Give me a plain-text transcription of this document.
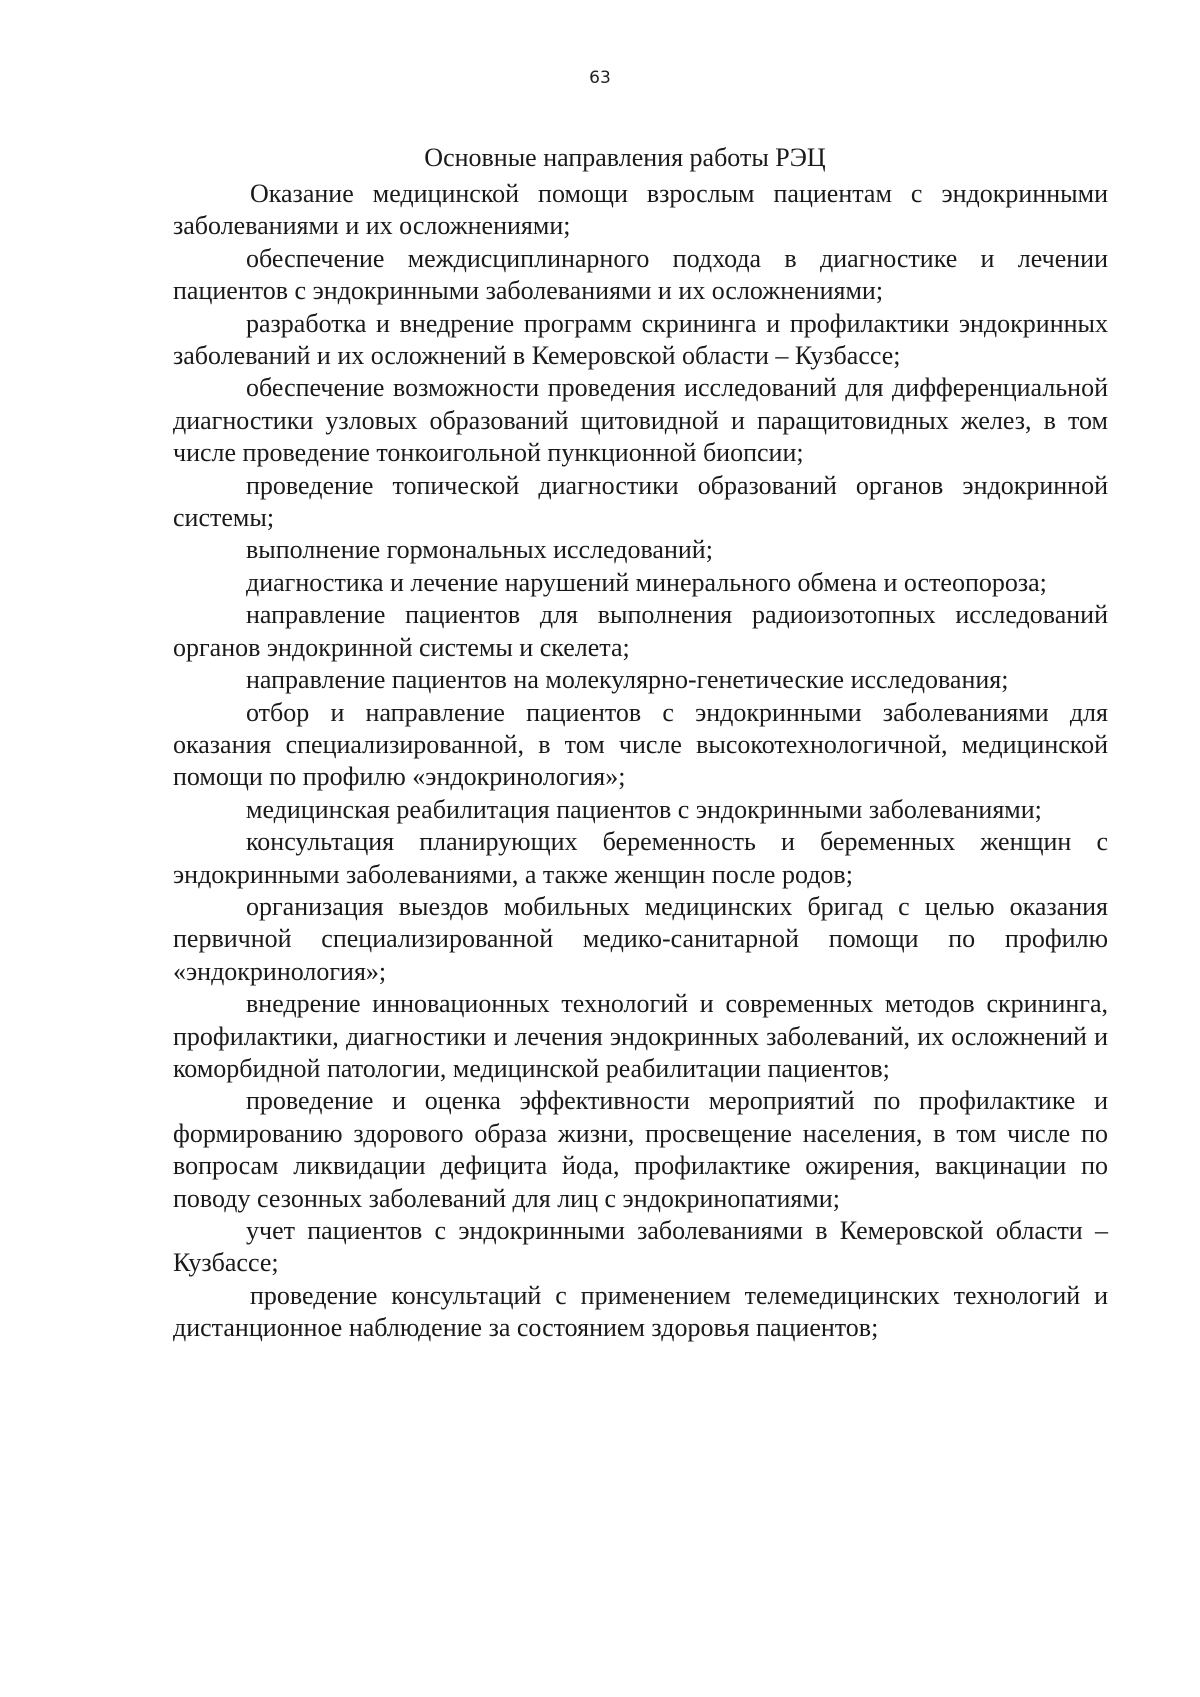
63
Основные направления работы РЭЦ

Оказание медицинской помощи взрослым пациентам с эндокринными заболеваниями и их осложнениями;

обеспечение междисциплинарного подхода в диагностике и лечении пациентов с эндокринными заболеваниями и их осложнениями;

разработка и внедрение программ скрининга и профилактики эндокринных заболеваний и их осложнений в Кемеровской области – Кузбассе;

обеспечение возможности проведения исследований для дифференциальной диагностики узловых образований щитовидной и паращитовидных желез, в том числе проведение тонкоигольной пункционной биопсии;

проведение топической диагностики образований органов эндокринной системы;

выполнение гормональных исследований;

диагностика и лечение нарушений минерального обмена и остеопороза;

направление пациентов для выполнения радиоизотопных исследований органов эндокринной системы и скелета;

направление пациентов на молекулярно-генетические исследования;

отбор и направление пациентов с эндокринными заболеваниями для оказания специализированной, в том числе высокотехнологичной, медицинской помощи по профилю «эндокринология»;

медицинская реабилитация пациентов с эндокринными заболеваниями;

консультация планирующих беременность и беременных женщин с эндокринными заболеваниями, а также женщин после родов;

организация выездов мобильных медицинских бригад с целью оказания первичной специализированной медико-санитарной помощи по профилю «эндокринология»;

внедрение инновационных технологий и современных методов скрининга, профилактики, диагностики и лечения эндокринных заболеваний, их осложнений и коморбидной патологии, медицинской реабилитации пациентов;

проведение и оценка эффективности мероприятий по профилактике и формированию здорового образа жизни, просвещение населения, в том числе по вопросам ликвидации дефицита йода, профилактике ожирения, вакцинации по поводу сезонных заболеваний для лиц с эндокринопатиями;

учет пациентов с эндокринными заболеваниями в Кемеровской области – Кузбассе;

проведение консультаций с применением телемедицинских технологий и дистанционное наблюдение за состоянием здоровья пациентов;
